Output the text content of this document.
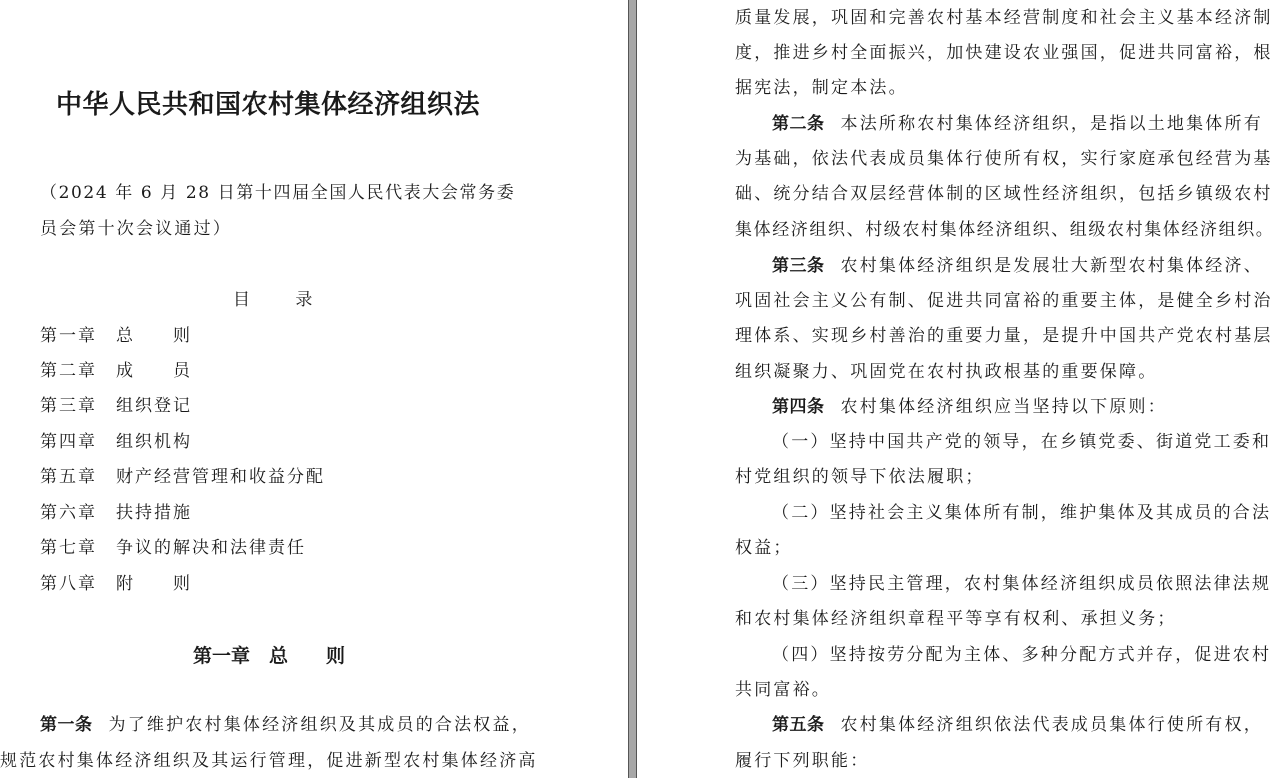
中华人民共和国农村集体经济组织法
（2024 年 6 月 28 日第十四届全国人民代表大会常务委
员会第十次会议通过）
目	录
第一章 总　　则
第二章 成　　员
第三章 组织登记
第四章 组织机构
第五章 财产经营管理和收益分配
第六章 扶持措施
第七章 争议的解决和法律责任
第八章 附　　则
第一章　总　　则
第一条 为了维护农村集体经济组织及其成员的合法权益，
规范农村集体经济组织及其运行管理，促进新型农村集体经济高
质量发展，巩固和完善农村基本经营制度和社会主义基本经济制
度，推进乡村全面振兴，加快建设农业强国，促进共同富裕，根
据宪法，制定本法。
第二条 本法所称农村集体经济组织，是指以土地集体所有
为基础，依法代表成员集体行使所有权，实行家庭承包经营为基
础、统分结合双层经营体制的区域性经济组织，包括乡镇级农村
集体经济组织、村级农村集体经济组织、组级农村集体经济组织。
第三条 农村集体经济组织是发展壮大新型农村集体经济、
巩固社会主义公有制、促进共同富裕的重要主体，是健全乡村治
理体系、实现乡村善治的重要力量，是提升中国共产党农村基层
组织凝聚力、巩固党在农村执政根基的重要保障。
第四条 农村集体经济组织应当坚持以下原则：
（一）坚持中国共产党的领导，在乡镇党委、街道党工委和
村党组织的领导下依法履职；
（二）坚持社会主义集体所有制，维护集体及其成员的合法
权益；
（三）坚持民主管理，农村集体经济组织成员依照法律法规
和农村集体经济组织章程平等享有权利、承担义务；
（四）坚持按劳分配为主体、多种分配方式并存，促进农村
共同富裕。
第五条 农村集体经济组织依法代表成员集体行使所有权，
履行下列职能：
